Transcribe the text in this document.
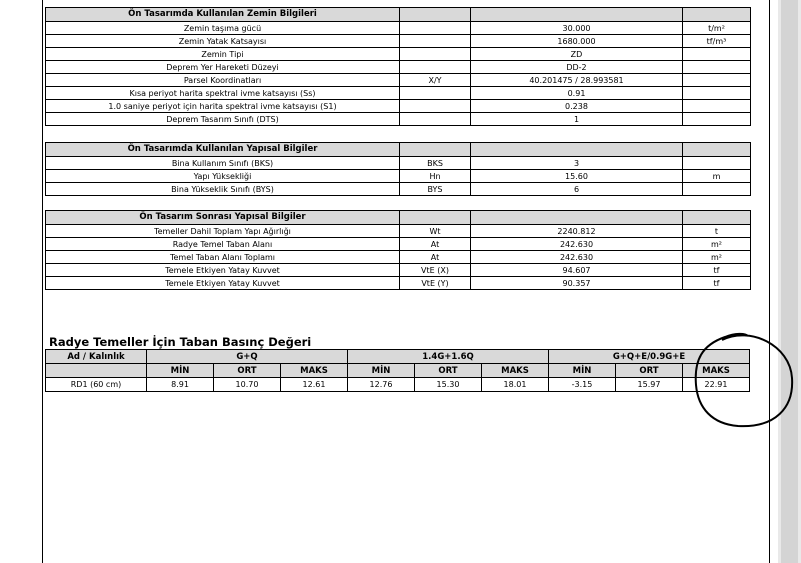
Ön Tasarımda Kullanılan Zemin Bilgileri			
Zemin taşıma gücü		30.000	t/m²
Zemin Yatak Katsayısı		1680.000	tf/m³
Zemin Tipi		ZD	
Deprem Yer Hareketi Düzeyi		DD-2	
Parsel Koordinatları	X/Y	40.201475 / 28.993581	
Kısa periyot harita spektral ivme katsayısı (Ss)		0.91	
1.0 saniye periyot için harita spektral ivme katsayısı (S1)		0.238	
Deprem Tasarım Sınıfı (DTS)		1	
Ön Tasarımda Kullanılan Yapısal Bilgiler			
Bina Kullanım Sınıfı (BKS)	BKS	3	
Yapı Yüksekliği	Hn	15.60	m
Bina Yükseklik Sınıfı (BYS)	BYS	6	
Ön Tasarım Sonrası Yapısal Bilgiler			
Temeller Dahil Toplam Yapı Ağırlığı	Wt	2240.812	t
Radye Temel Taban Alanı	At	242.630	m²
Temel Taban Alanı Toplamı	At	242.630	m²
Temele Etkiyen Yatay Kuvvet	VtE (X)	94.607	tf
Temele Etkiyen Yatay Kuvvet	VtE (Y)	90.357	tf
Radye Temeller İçin Taban Basınç Değeri
Ad / Kalınlık	G+Q			1.4G+1.6Q			G+Q+E/0.9G+E		
	MİN	ORT	MAKS	MİN	ORT	MAKS	MİN	ORT	MAKS
RD1 (60 cm)	8.91	10.70	12.61	12.76	15.30	18.01	-3.15	15.97	22.91
